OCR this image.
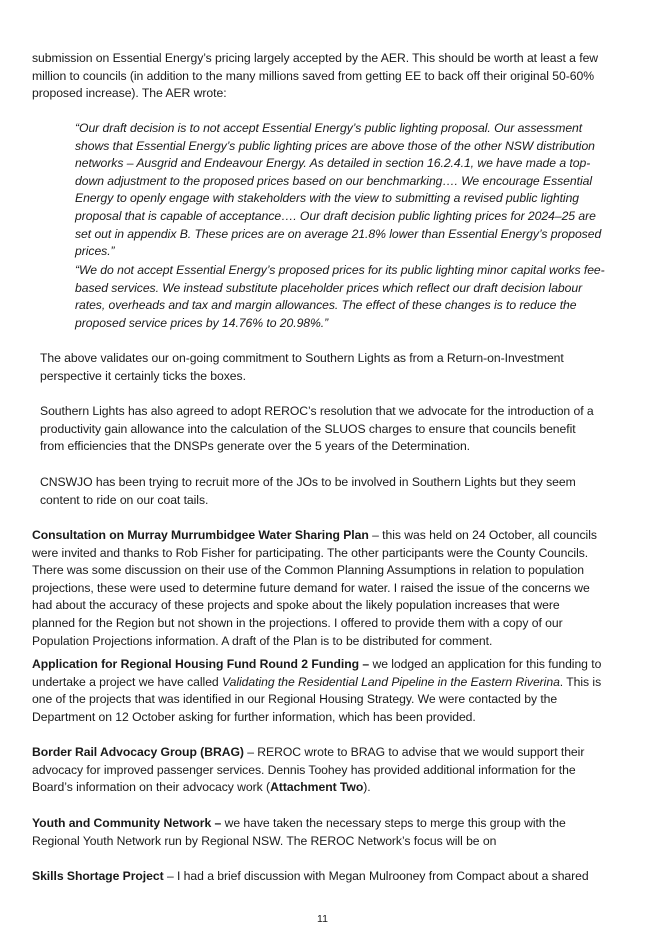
submission on Essential Energy’s pricing largely accepted by the AER. This should be worth at least a few million to councils (in addition to the many millions saved from getting EE to back off their original 50-60% proposed increase). The AER wrote:

“Our draft decision is to not accept Essential Energy’s public lighting proposal. Our assessment shows that Essential Energy’s public lighting prices are above those of the other NSW distribution networks – Ausgrid and Endeavour Energy. As detailed in section 16.2.4.1, we have made a top-down adjustment to the proposed prices based on our benchmarking…. We encourage Essential Energy to openly engage with stakeholders with the view to submitting a revised public lighting proposal that is capable of acceptance…. Our draft decision public lighting prices for 2024–25 are set out in appendix B. These prices are on average 21.8% lower than Essential Energy’s proposed prices.”

“We do not accept Essential Energy’s proposed prices for its public lighting minor capital works fee-based services. We instead substitute placeholder prices which reflect our draft decision labour rates, overheads and tax and margin allowances. The effect of these changes is to reduce the proposed service prices by 14.76% to 20.98%.”

The above validates our on-going commitment to Southern Lights as from a Return-on-Investment perspective it certainly ticks the boxes.

Southern Lights has also agreed to adopt REROC’s resolution that we advocate for the introduction of a productivity gain allowance into the calculation of the SLUOS charges to ensure that councils benefit from efficiencies that the DNSPs generate over the 5 years of the Determination.

CNSWJO has been trying to recruit more of the JOs to be involved in Southern Lights but they seem content to ride on our coat tails.

Consultation on Murray Murrumbidgee Water Sharing Plan – this was held on 24 October, all councils were invited and thanks to Rob Fisher for participating. The other participants were the County Councils. There was some discussion on their use of the Common Planning Assumptions in relation to population projections, these were used to determine future demand for water. I raised the issue of the concerns we had about the accuracy of these projects and spoke about the likely population increases that were planned for the Region but not shown in the projections. I offered to provide them with a copy of our Population Projections information. A draft of the Plan is to be distributed for comment.

Application for Regional Housing Fund Round 2 Funding – we lodged an application for this funding to undertake a project we have called Validating the Residential Land Pipeline in the Eastern Riverina. This is one of the projects that was identified in our Regional Housing Strategy. We were contacted by the Department on 12 October asking for further information, which has been provided.

Border Rail Advocacy Group (BRAG) – REROC wrote to BRAG to advise that we would support their advocacy for improved passenger services. Dennis Toohey has provided additional information for the Board’s information on their advocacy work (Attachment Two).

Youth and Community Network – we have taken the necessary steps to merge this group with the Regional Youth Network run by Regional NSW. The REROC Network’s focus will be on

Skills Shortage Project – I had a brief discussion with Megan Mulrooney from Compact about a shared

11
